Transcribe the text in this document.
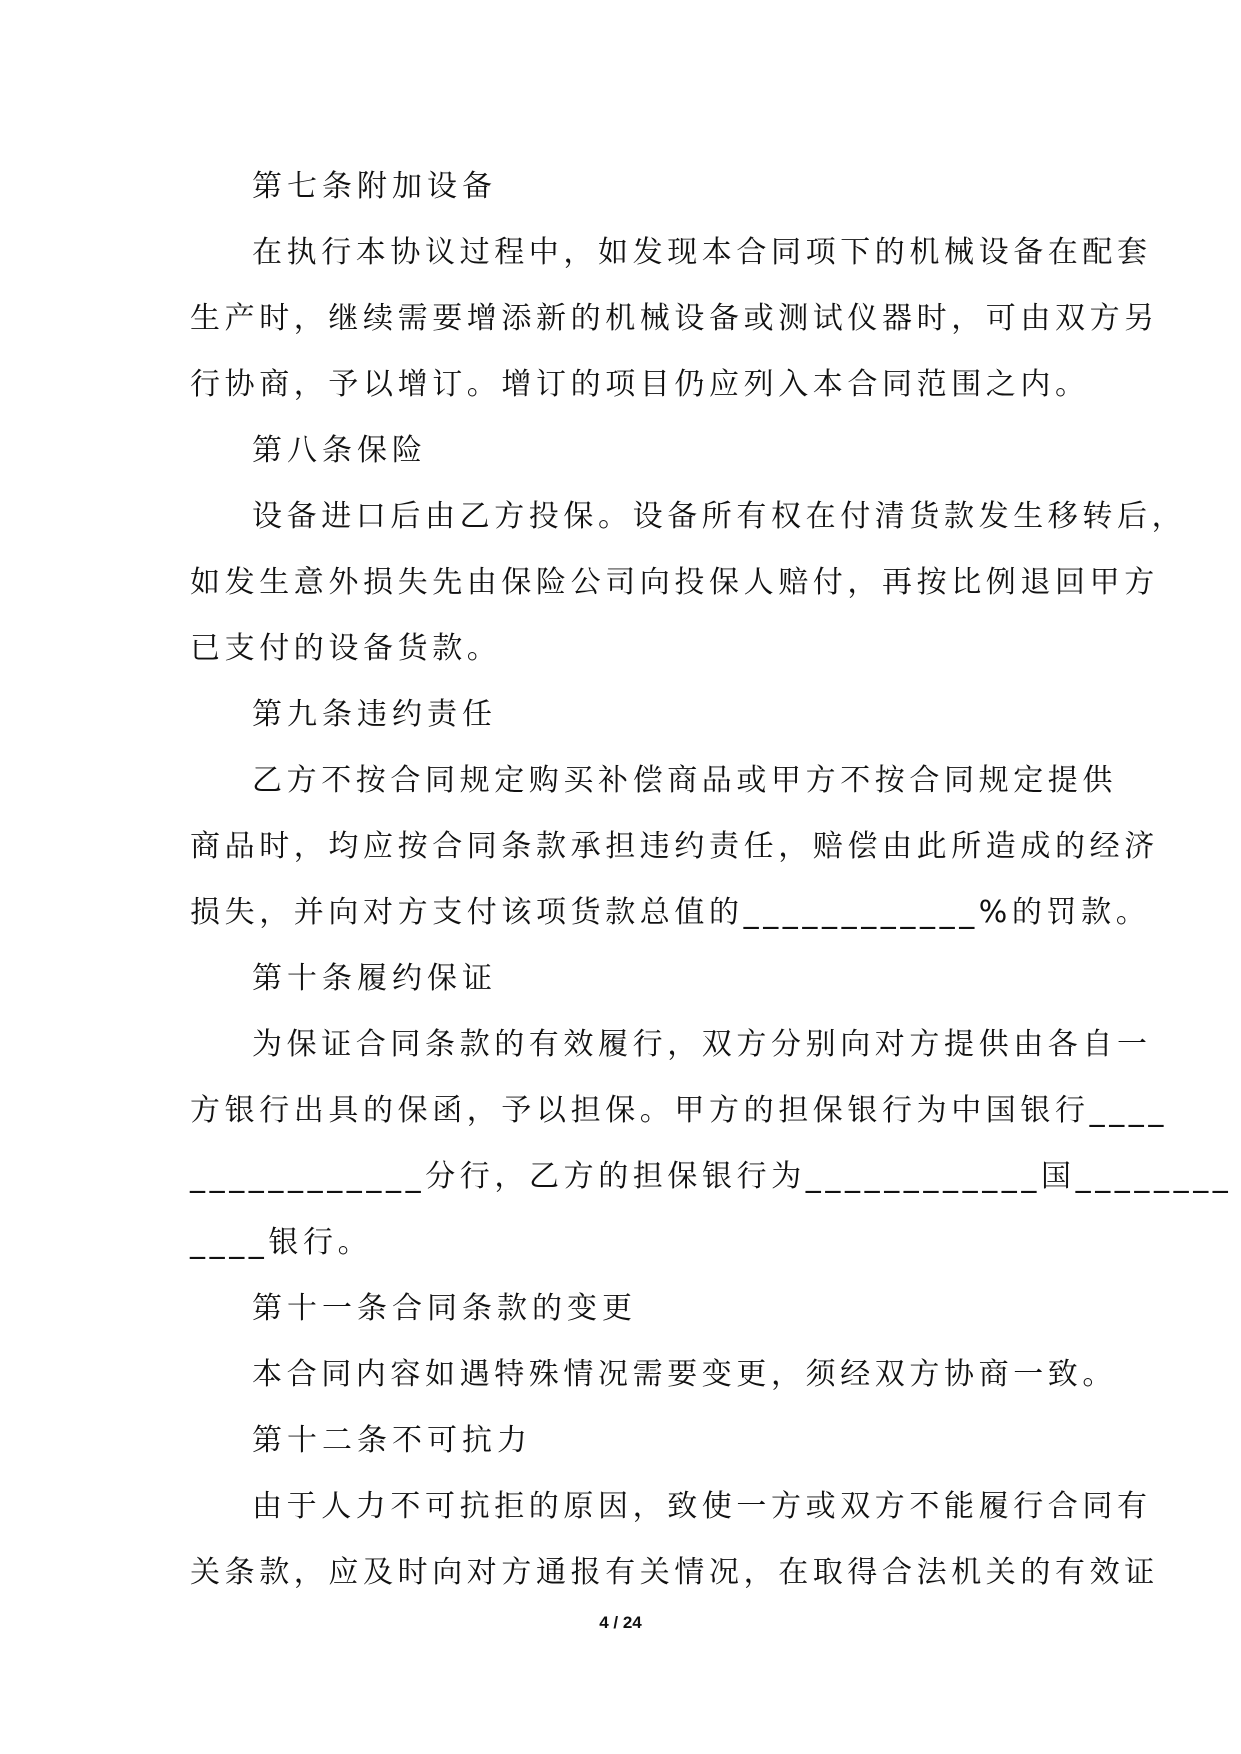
第七条附加设备
在执行本协议过程中，如发现本合同项下的机械设备在配套
生产时，继续需要增添新的机械设备或测试仪器时，可由双方另
行协商，予以增订。增订的项目仍应列入本合同范围之内。
第八条保险
设备进口后由乙方投保。设备所有权在付清货款发生移转后，
如发生意外损失先由保险公司向投保人赔付，再按比例退回甲方
已支付的设备货款。
第九条违约责任
乙方不按合同规定购买补偿商品或甲方不按合同规定提供
商品时，均应按合同条款承担违约责任，赔偿由此所造成的经济
损失，并向对方支付该项货款总值的____________%的罚款。
第十条履约保证
为保证合同条款的有效履行，双方分别向对方提供由各自一
方银行出具的保函，予以担保。甲方的担保银行为中国银行____
____________分行，乙方的担保银行为____________国________
____银行。
第十一条合同条款的变更
本合同内容如遇特殊情况需要变更，须经双方协商一致。
第十二条不可抗力
由于人力不可抗拒的原因，致使一方或双方不能履行合同有
关条款，应及时向对方通报有关情况，在取得合法机关的有效证
4 / 24
